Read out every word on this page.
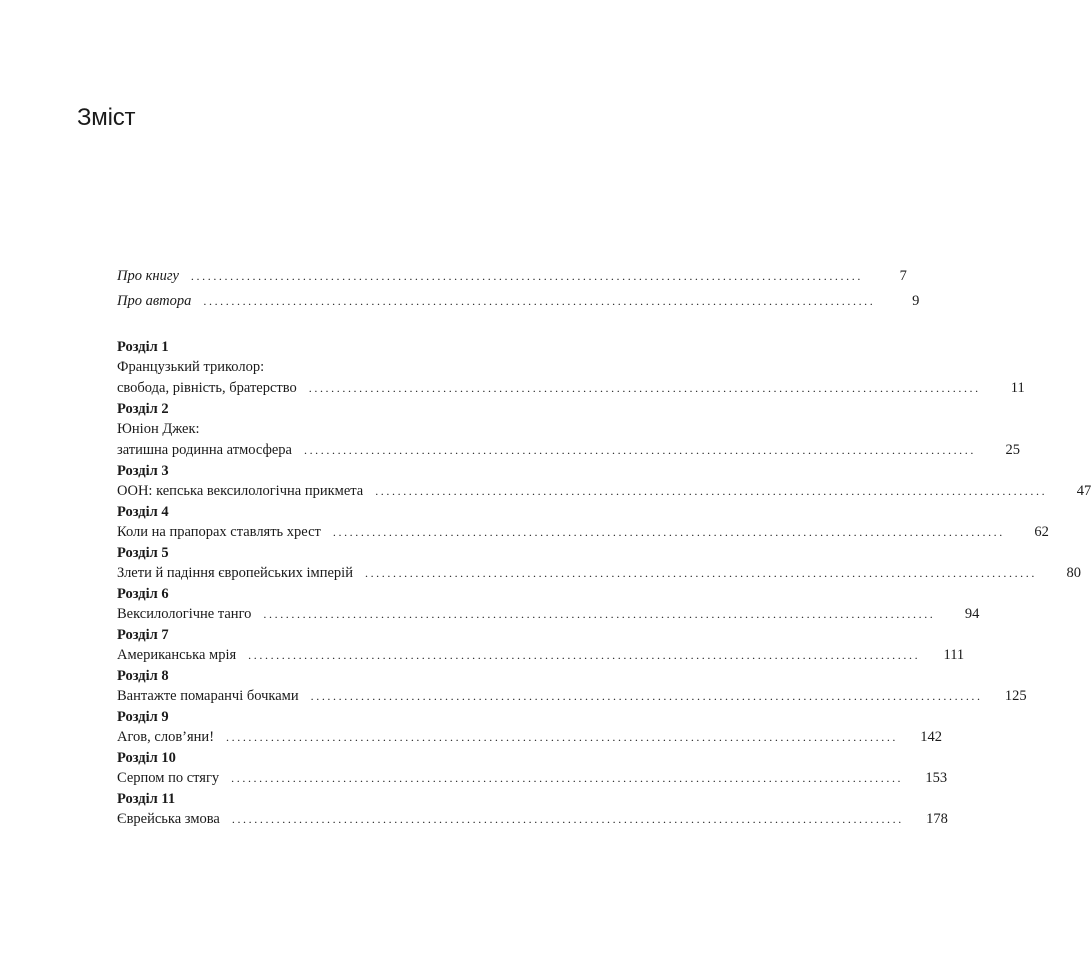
Зміст
Про книгу ........................................................................................................................	7
Про автора ........................................................................................................................	9
Розділ 1
Французький триколор:
свобода, рівність, братерство ........................................................................................................................	11
Розділ 2
Юніон Джек:
затишна родинна атмосфера ........................................................................................................................	25
Розділ 3
ООН: кепська вексилологічна прикмета ........................................................................................................................	47
Розділ 4
Коли на прапорах ставлять хрест ........................................................................................................................	62
Розділ 5
Злети й падіння європейських імперій ........................................................................................................................	80
Розділ 6
Вексилологічне танго ........................................................................................................................	94
Розділ 7
Американська мрія ........................................................................................................................	111
Розділ 8
Вантажте помаранчі бочками ........................................................................................................................	125
Розділ 9
Агов, слов’яни! ........................................................................................................................	142
Розділ 10
Серпом по стягу ........................................................................................................................	153
Розділ 11
Єврейська змова ........................................................................................................................	178
